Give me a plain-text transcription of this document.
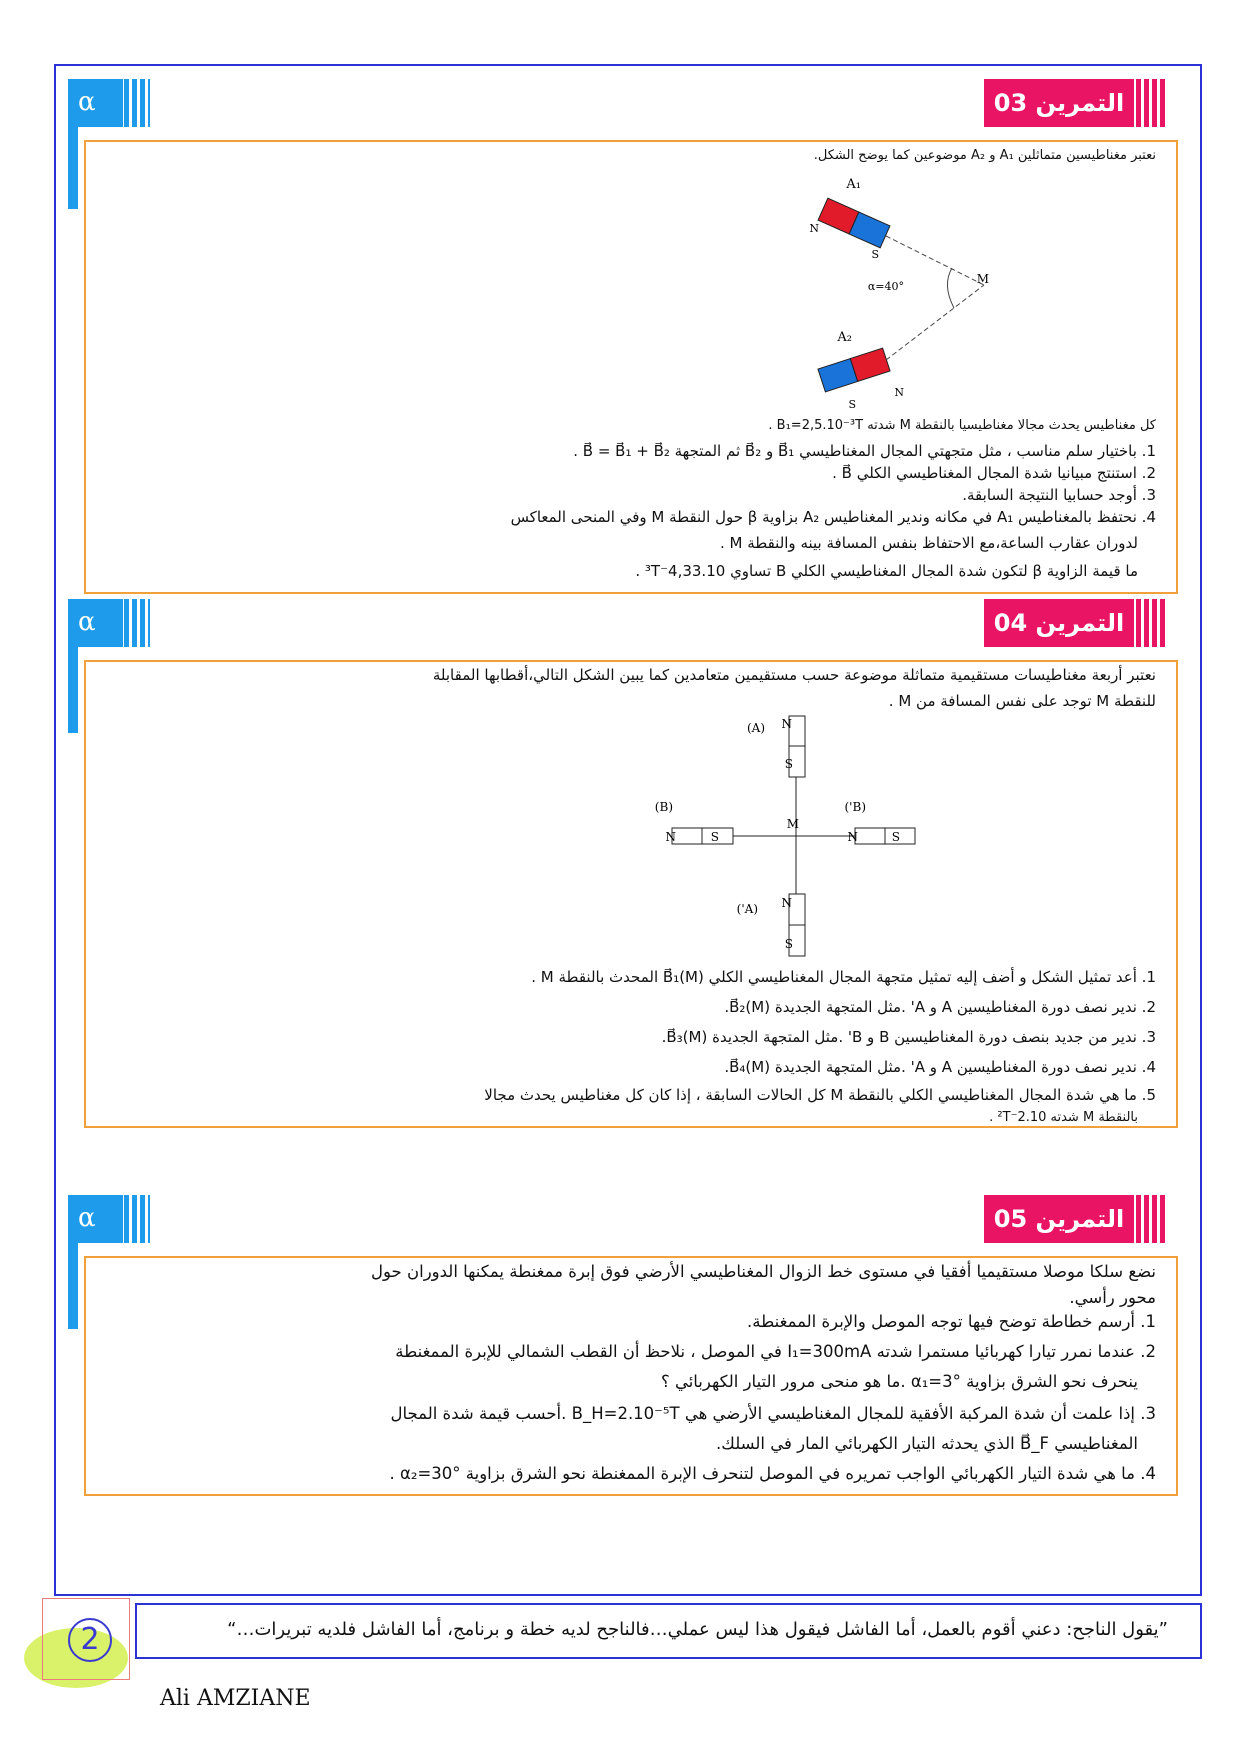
α	التمرين 03
نعتبر مغناطيسين متماثلين A₁ و A₂ موضوعين كما يوضح الشكل.
A₁
N
S
M
α=40°
A₂
N
S
كل مغناطيس يحدث مجالا مغناطيسيا بالنقطة M شدته B₁=2,5.10⁻³T .
1. باختيار سلم مناسب ، مثل متجهتي المجال المغناطيسي B⃗₁ و B⃗₂ ثم المتجهة B⃗ = B⃗₁ + B⃗₂ .
2. استنتج مبيانيا شدة المجال المغناطيسي الكلي B⃗ .
3. أوجد حسابيا النتيجة السابقة.
4. نحتفظ بالمغناطيس A₁ في مكانه وندير المغناطيس A₂ بزاوية β حول النقطة M وفي المنحى المعاكس
لدوران عقارب الساعة،مع الاحتفاظ بنفس المسافة بينه والنقطة M .
ما قيمة الزاوية β لتكون شدة المجال المغناطيسي الكلي B تساوي 4,33.10⁻³T .
α	التمرين 04
نعتبر أربعة مغناطيسات مستقيمية متماثلة موضوعة حسب مستقيمين متعامدين كما يبين الشكل التالي،أقطابها المقابلة
للنقطة M توجد على نفس المسافة من M .
N
S
(A)
N
S
(A')
N	S
(B)
N	S
(B')
M
1. أعد تمثيل الشكل و أضف إليه تمثيل متجهة المجال المغناطيسي الكلي B⃗₁(M) المحدث بالنقطة M .
2. ندير نصف دورة المغناطيسين A و A' .مثل المتجهة الجديدة B⃗₂(M).
3. ندير من جديد بنصف دورة المغناطيسين B و B' .مثل المتجهة الجديدة B⃗₃(M).
4. ندير نصف دورة المغناطيسين A و A' .مثل المتجهة الجديدة B⃗₄(M).
5. ما هي شدة المجال المغناطيسي الكلي بالنقطة M كل الحالات السابقة ، إذا كان كل مغناطيس يحدث مجالا
بالنقطة M شدته 2.10⁻²T .
α	التمرين 05
نضع سلكا موصلا مستقيميا أفقيا في مستوى خط الزوال المغناطيسي الأرضي فوق إبرة ممغنطة يمكنها الدوران حول
محور رأسي.
1. أرسم خطاطة توضح فيها توجه الموصل والإبرة الممغنطة.
2. عندما نمرر تيارا كهربائيا مستمرا شدته I₁=300mA في الموصل ، نلاحظ أن القطب الشمالي للإبرة الممغنطة
ينحرف نحو الشرق بزاوية α₁=3° .ما هو منحى مرور التيار الكهربائي ؟
3. إذا علمت أن شدة المركبة الأفقية للمجال المغناطيسي الأرضي هي B_H=2.10⁻⁵T .أحسب قيمة شدة المجال
المغناطيسي B⃗_F الذي يحدثه التيار الكهربائي المار في السلك.
4. ما هي شدة التيار الكهربائي الواجب تمريره في الموصل لتنحرف الإبرة الممغنطة نحو الشرق بزاوية α₂=30° .
”يقول الناجح: دعني أقوم بالعمل، أما الفاشل فيقول هذا ليس عملي…فالناجح لديه خطة و برنامج، أما الفاشل فلديه تبريرات…“
2
Ali AMZIANE
